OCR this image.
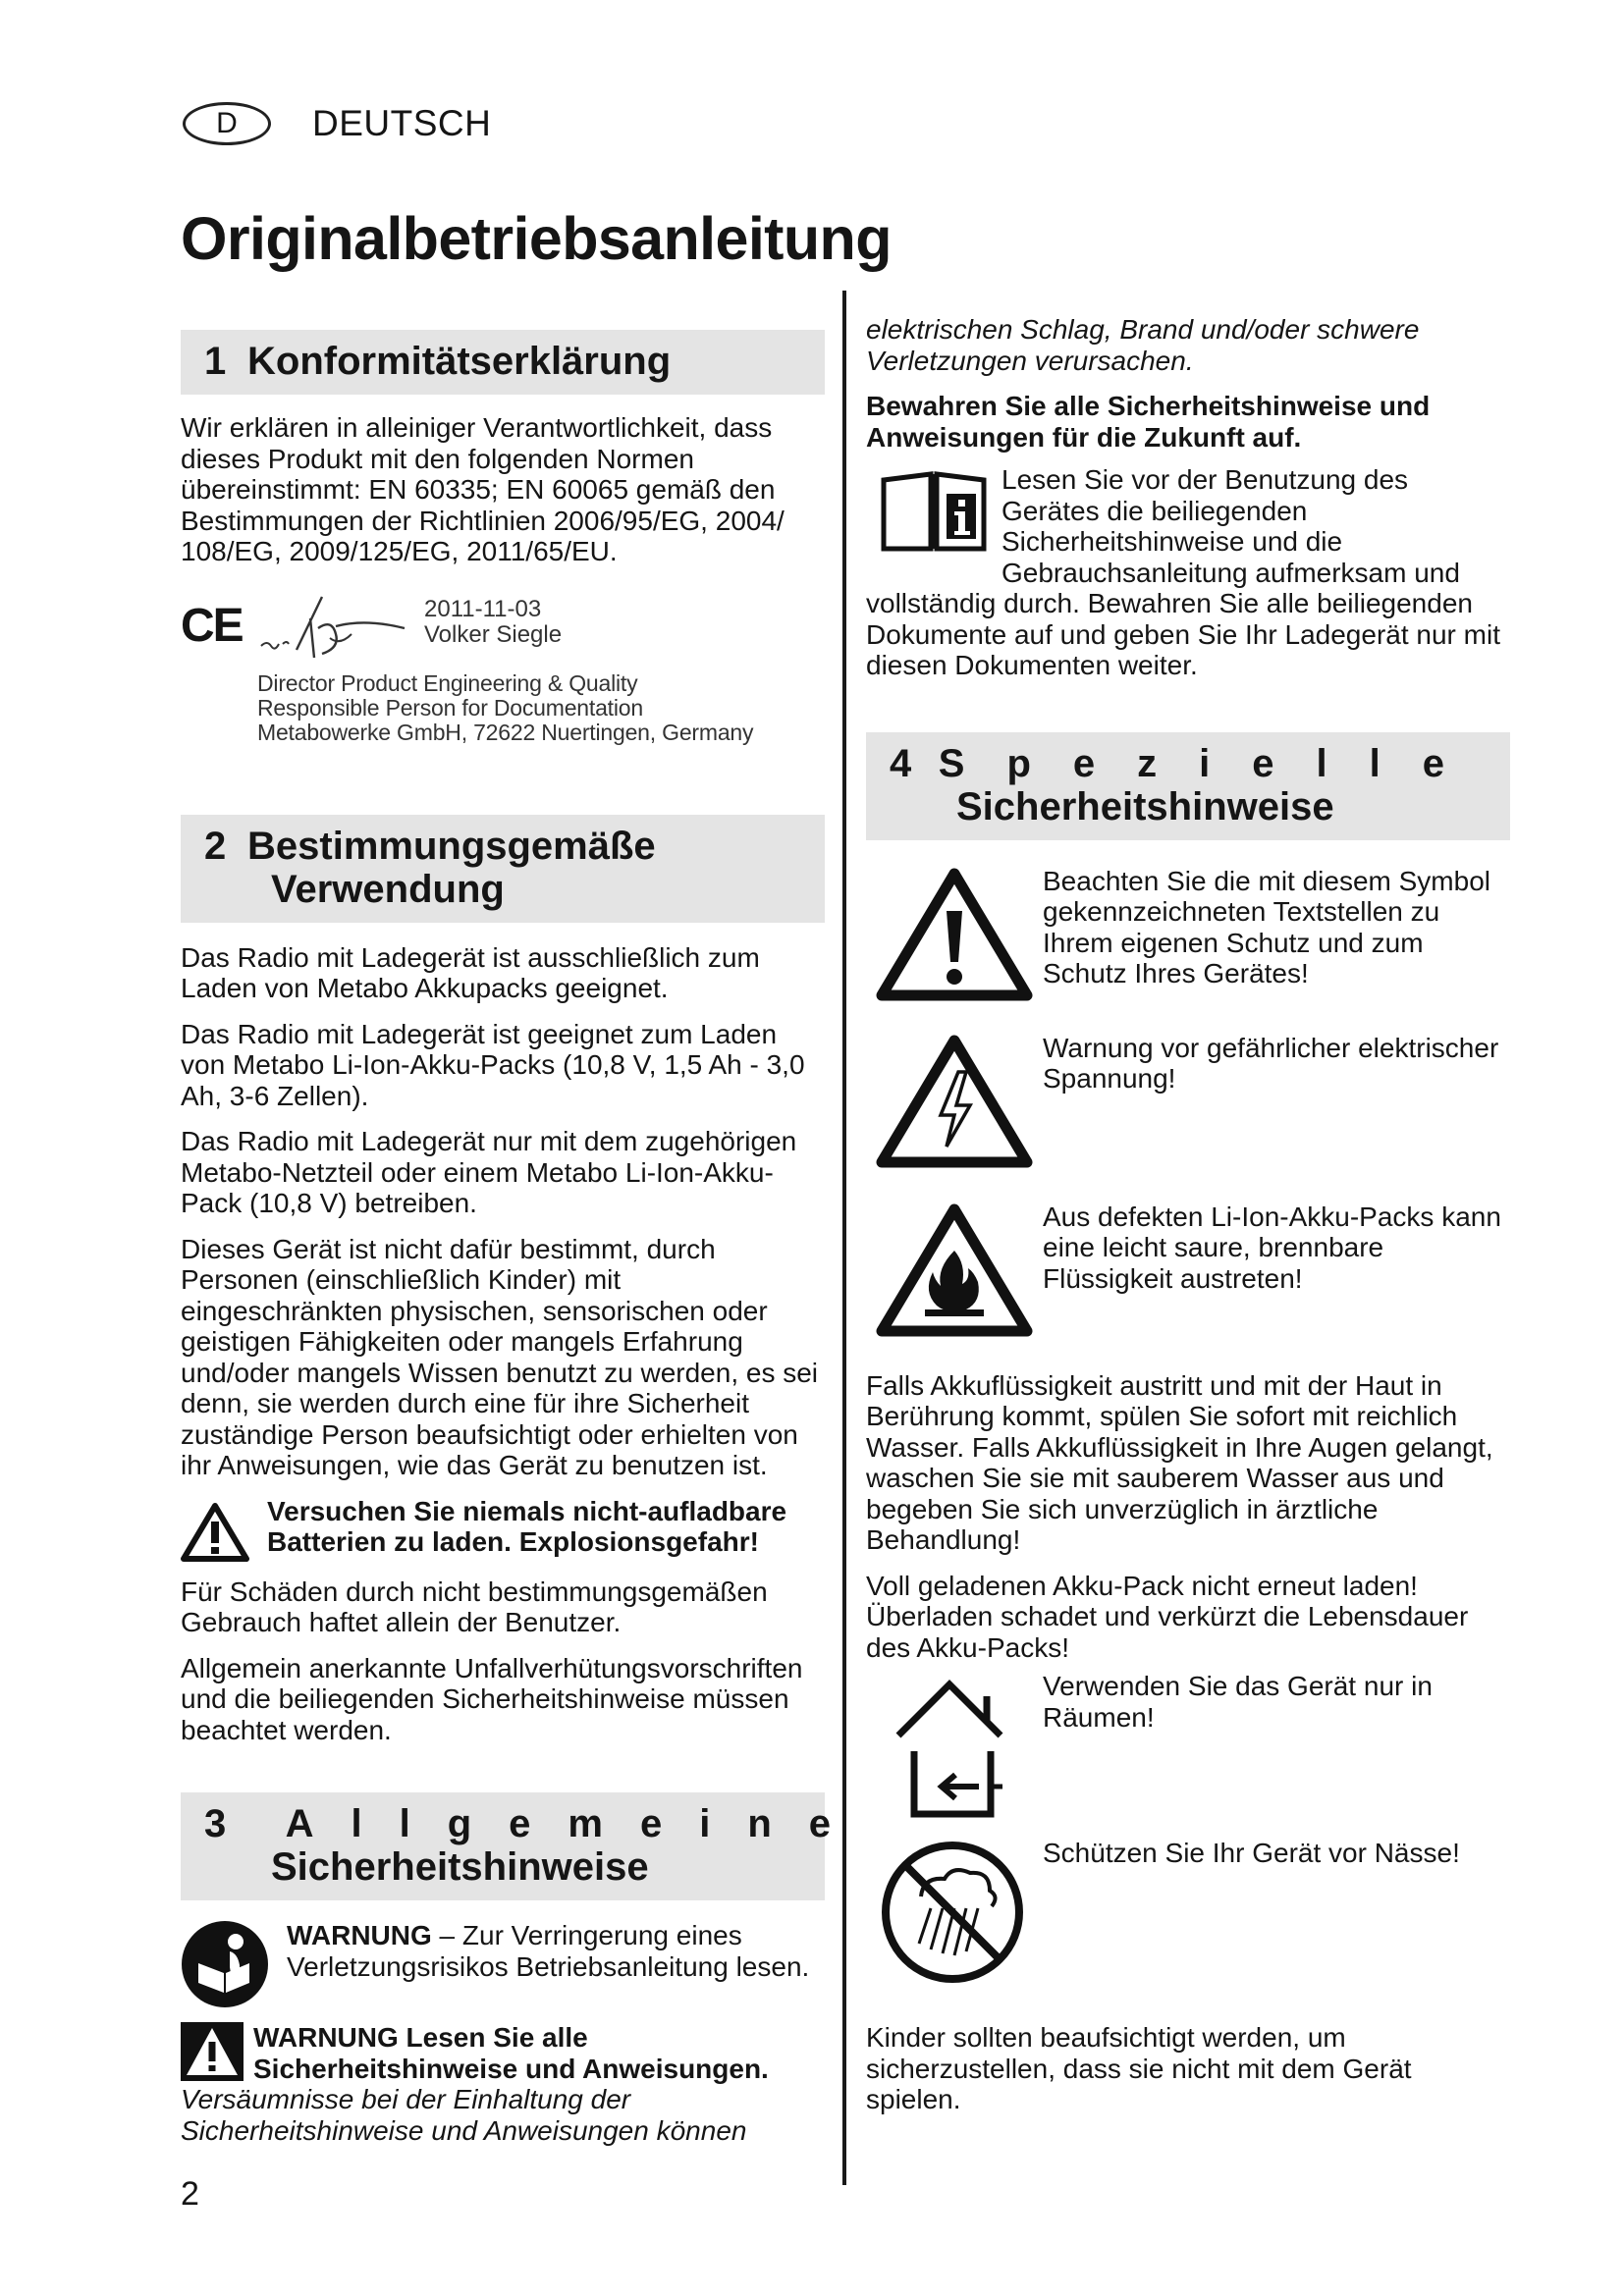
D	DEUTSCH
Originalbetriebsanleitung
1 Konformitätserklärung

Wir erklären in alleiniger Verantwortlichkeit, dass dieses Produkt mit den folgenden Normen übereinstimmt: EN 60335; EN 60065 gemäß den Bestimmungen der Richtlinien 2006/95/EG, 2004/ 108/EG, 2009/125/EG, 2011/65/EU.

CE	2011-11-03
Volker Siegle
Director Product Engineering & Quality
Responsible Person for Documentation
Metabowerke GmbH, 72622 Nuertingen, Germany
2 Bestimmungsgemäße
Verwendung

Das Radio mit Ladegerät ist ausschließlich zum Laden von Metabo Akkupacks geeignet.

Das Radio mit Ladegerät ist geeignet zum Laden von Metabo Li-Ion-Akku-Packs (10,8 V, 1,5 Ah - 3,0 Ah, 3-6 Zellen).

Das Radio mit Ladegerät nur mit dem zugehörigen Metabo-Netzteil oder einem Metabo Li-Ion-Akku-Pack (10,8 V) betreiben.

Dieses Gerät ist nicht dafür bestimmt, durch Personen (einschließlich Kinder) mit eingeschränkten physischen, sensorischen oder geistigen Fähigkeiten oder mangels Erfahrung und/oder mangels Wissen benutzt zu werden, es sei denn, sie werden durch eine für ihre Sicherheit zuständige Person beaufsichtigt oder erhielten von ihr Anweisungen, wie das Gerät zu benutzen ist.

Versuchen Sie niemals nicht-aufladbare Batterien zu laden. Explosionsgefahr!

Für Schäden durch nicht bestimmungsgemäßen Gebrauch haftet allein der Benutzer.

Allgemein anerkannte Unfallverhütungsvorschriften und die beiliegenden Sicherheitshinweise müssen beachtet werden.

3 Allgemeine
Sicherheitshinweise
WARNUNG – Zur Verringerung eines Verletzungsrisikos Betriebsanleitung lesen.
WARNUNG Lesen Sie alle Sicherheitshinweise und Anweisungen.
Versäumnisse bei der Einhaltung der Sicherheitshinweise und Anweisungen können

elektrischen Schlag, Brand und/oder schwere Verletzungen verursachen.

Bewahren Sie alle Sicherheitshinweise und Anweisungen für die Zukunft auf.

Lesen Sie vor der Benutzung des Gerätes die beiliegenden Sicherheitshinweise und die Gebrauchsanleitung aufmerksam und vollständig durch. Bewahren Sie alle beiliegenden Dokumente auf und geben Sie Ihr Ladegerät nur mit diesen Dokumenten weiter.
4 Spezielle
Sicherheitshinweise
Beachten Sie die mit diesem Symbol gekennzeichneten Textstellen zu Ihrem eigenen Schutz und zum Schutz Ihres Gerätes!
Warnung vor gefährlicher elektrischer Spannung!
Aus defekten Li-Ion-Akku-Packs kann eine leicht saure, brennbare Flüssigkeit austreten!

Falls Akkuflüssigkeit austritt und mit der Haut in Berührung kommt, spülen Sie sofort mit reichlich Wasser. Falls Akkuflüssigkeit in Ihre Augen gelangt, waschen Sie sie mit sauberem Wasser aus und begeben Sie sich unverzüglich in ärztliche Behandlung!

Voll geladenen Akku-Pack nicht erneut laden! Überladen schadet und verkürzt die Lebensdauer des Akku-Packs!

Verwenden Sie das Gerät nur in Räumen!
Schützen Sie Ihr Gerät vor Nässe!

Kinder sollten beaufsichtigt werden, um sicherzustellen, dass sie nicht mit dem Gerät spielen.

2
